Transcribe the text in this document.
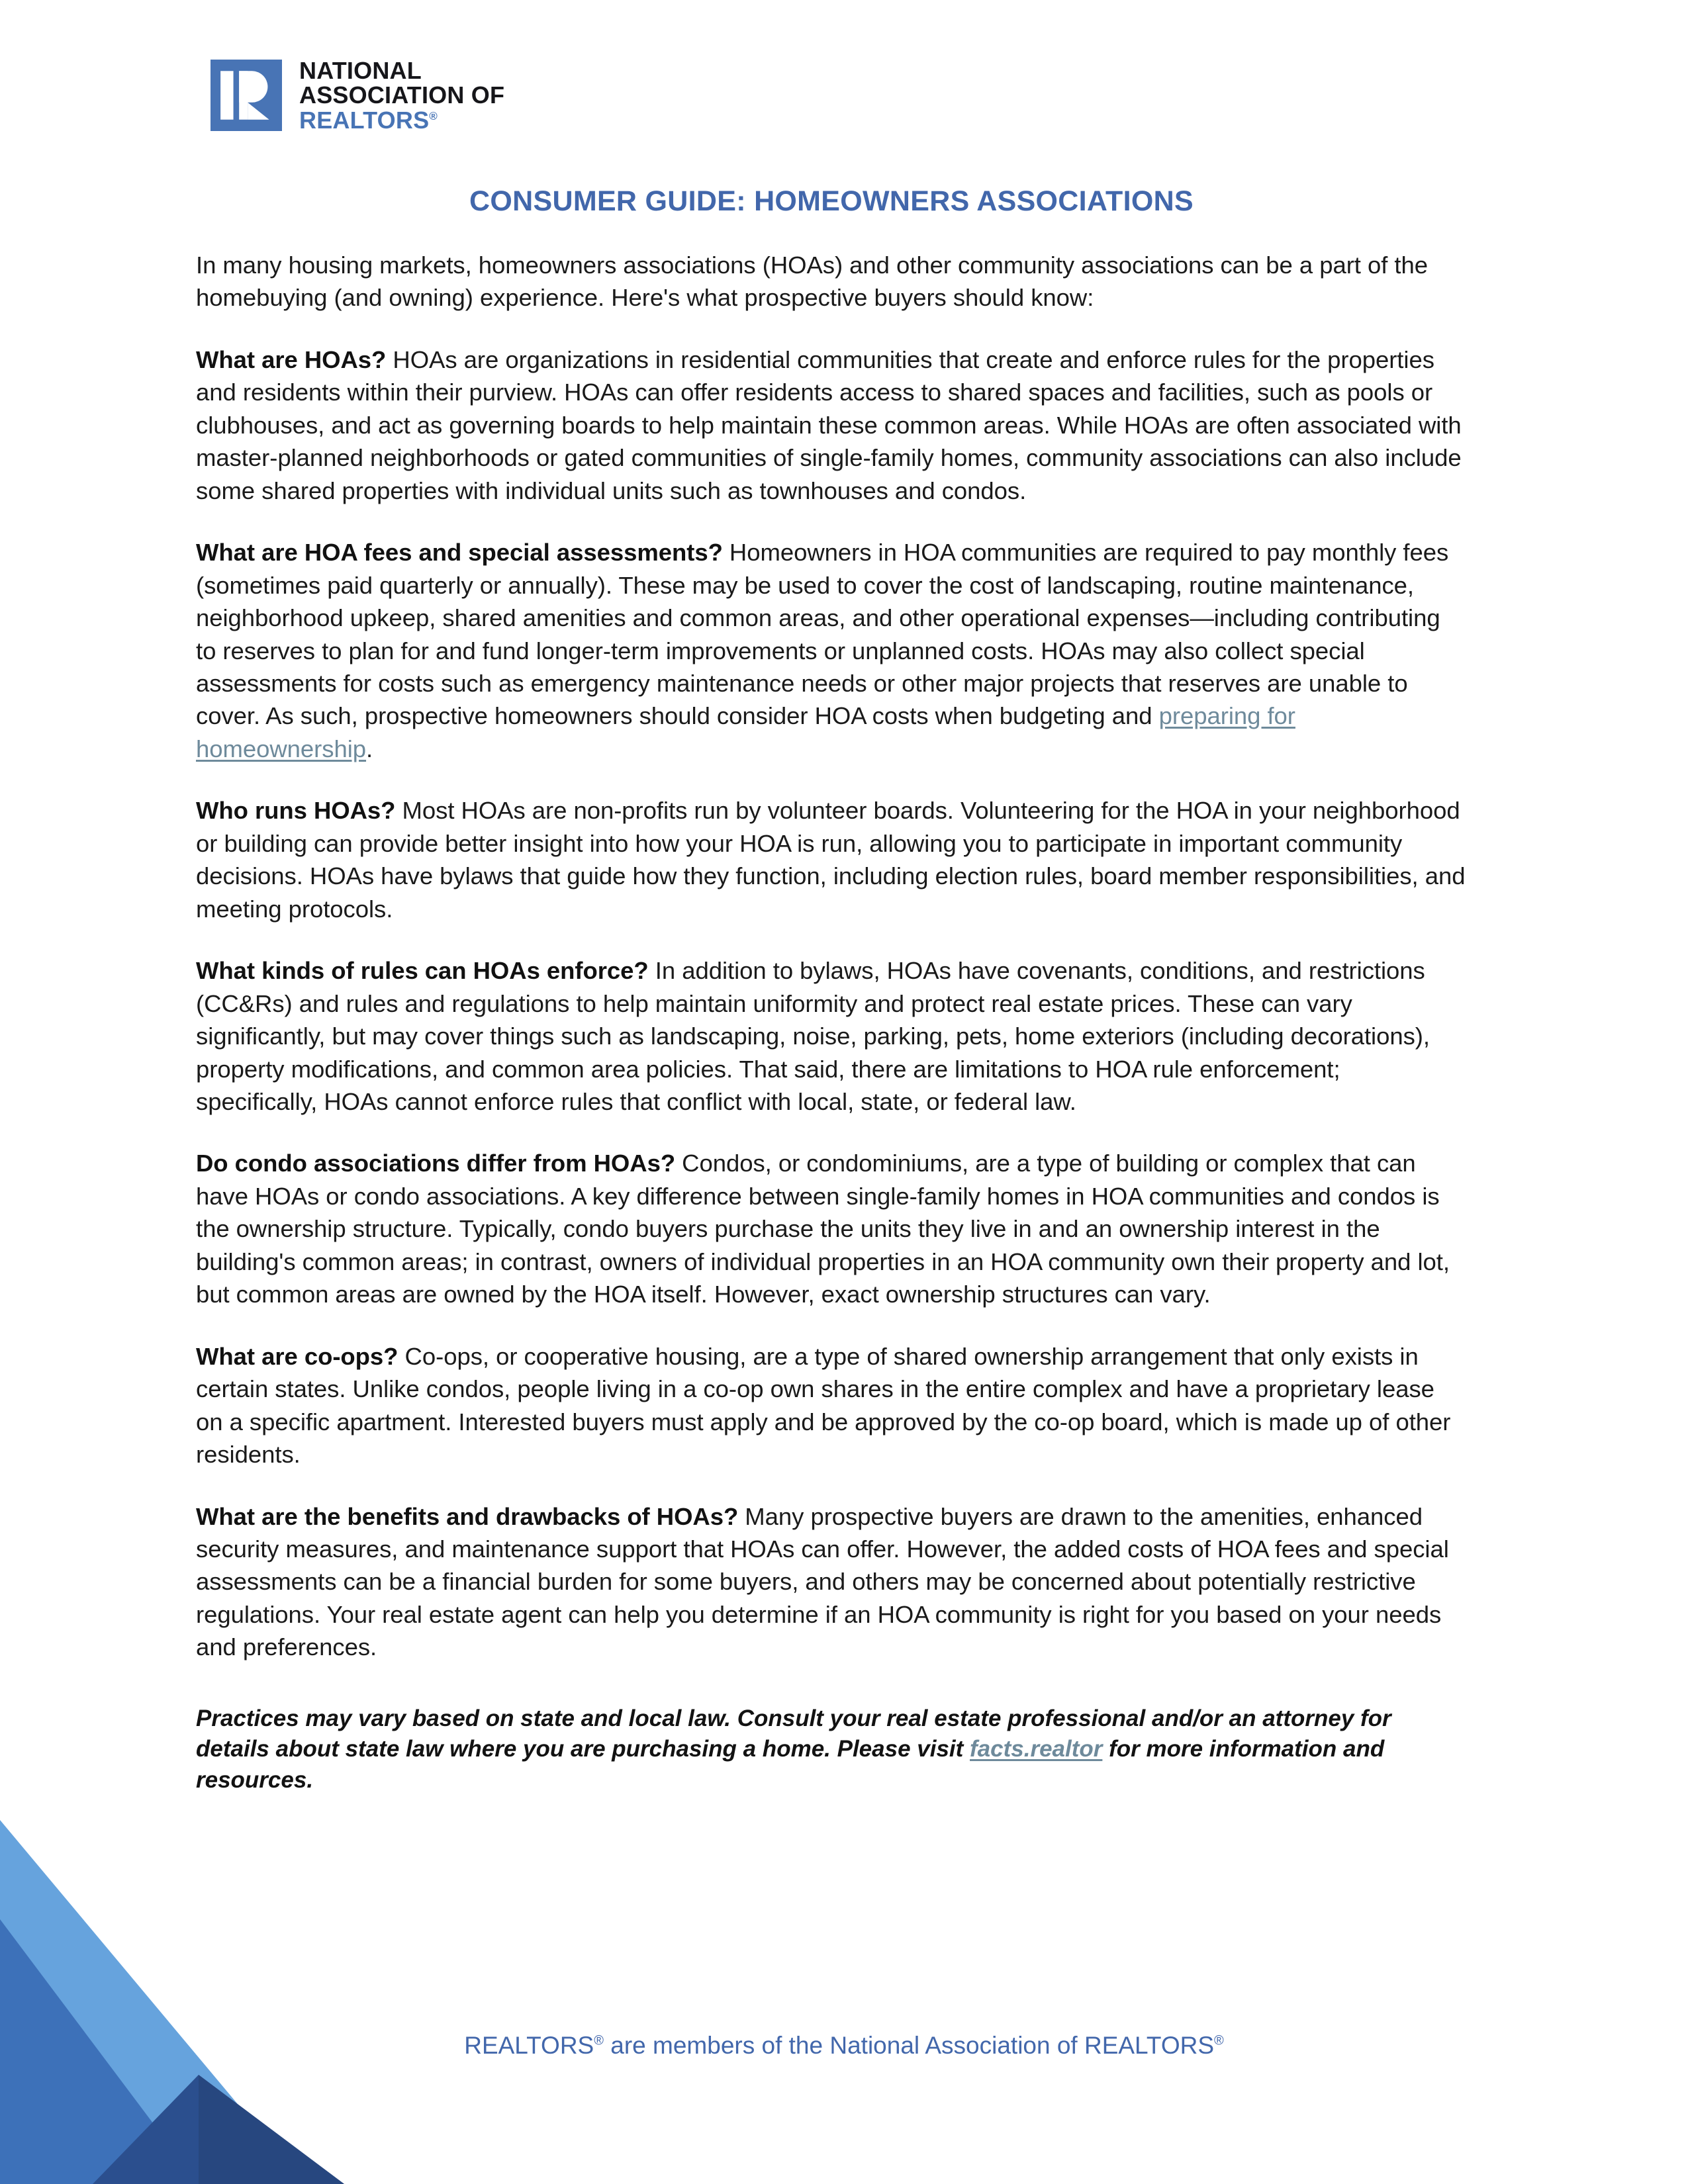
NATIONAL
ASSOCIATION OF
REALTORS®
CONSUMER GUIDE: HOMEOWNERS ASSOCIATIONS

In many housing markets, homeowners associations (HOAs) and other community associations can be a part of the homebuying (and owning) experience. Here's what prospective buyers should know:

What are HOAs? HOAs are organizations in residential communities that create and enforce rules for the properties and residents within their purview. HOAs can offer residents access to shared spaces and facilities, such as pools or clubhouses, and act as governing boards to help maintain these common areas. While HOAs are often associated with master-planned neighborhoods or gated communities of single-family homes, community associations can also include some shared properties with individual units such as townhouses and condos.

What are HOA fees and special assessments? Homeowners in HOA communities are required to pay monthly fees (sometimes paid quarterly or annually). These may be used to cover the cost of landscaping, routine maintenance, neighborhood upkeep, shared amenities and common areas, and other operational expenses—including contributing to reserves to plan for and fund longer-term improvements or unplanned costs. HOAs may also collect special assessments for costs such as emergency maintenance needs or other major projects that reserves are unable to cover. As such, prospective homeowners should consider HOA costs when budgeting and preparing for homeownership.

Who runs HOAs? Most HOAs are non-profits run by volunteer boards. Volunteering for the HOA in your neighborhood or building can provide better insight into how your HOA is run, allowing you to participate in important community decisions. HOAs have bylaws that guide how they function, including election rules, board member responsibilities, and meeting protocols.

What kinds of rules can HOAs enforce? In addition to bylaws, HOAs have covenants, conditions, and restrictions (CC&Rs) and rules and regulations to help maintain uniformity and protect real estate prices. These can vary significantly, but may cover things such as landscaping, noise, parking, pets, home exteriors (including decorations), property modifications, and common area policies. That said, there are limitations to HOA rule enforcement; specifically, HOAs cannot enforce rules that conflict with local, state, or federal law.

Do condo associations differ from HOAs? Condos, or condominiums, are a type of building or complex that can have HOAs or condo associations. A key difference between single-family homes in HOA communities and condos is the ownership structure. Typically, condo buyers purchase the units they live in and an ownership interest in the building's common areas; in contrast, owners of individual properties in an HOA community own their property and lot, but common areas are owned by the HOA itself. However, exact ownership structures can vary.

What are co-ops? Co-ops, or cooperative housing, are a type of shared ownership arrangement that only exists in certain states. Unlike condos, people living in a co-op own shares in the entire complex and have a proprietary lease on a specific apartment. Interested buyers must apply and be approved by the co-op board, which is made up of other residents.

What are the benefits and drawbacks of HOAs? Many prospective buyers are drawn to the amenities, enhanced security measures, and maintenance support that HOAs can offer. However, the added costs of HOA fees and special assessments can be a financial burden for some buyers, and others may be concerned about potentially restrictive regulations. Your real estate agent can help you determine if an HOA community is right for you based on your needs and preferences.

Practices may vary based on state and local law. Consult your real estate professional and/or an attorney for details about state law where you are purchasing a home. Please visit facts.realtor for more information and resources.

REALTORS® are members of the National Association of REALTORS®
